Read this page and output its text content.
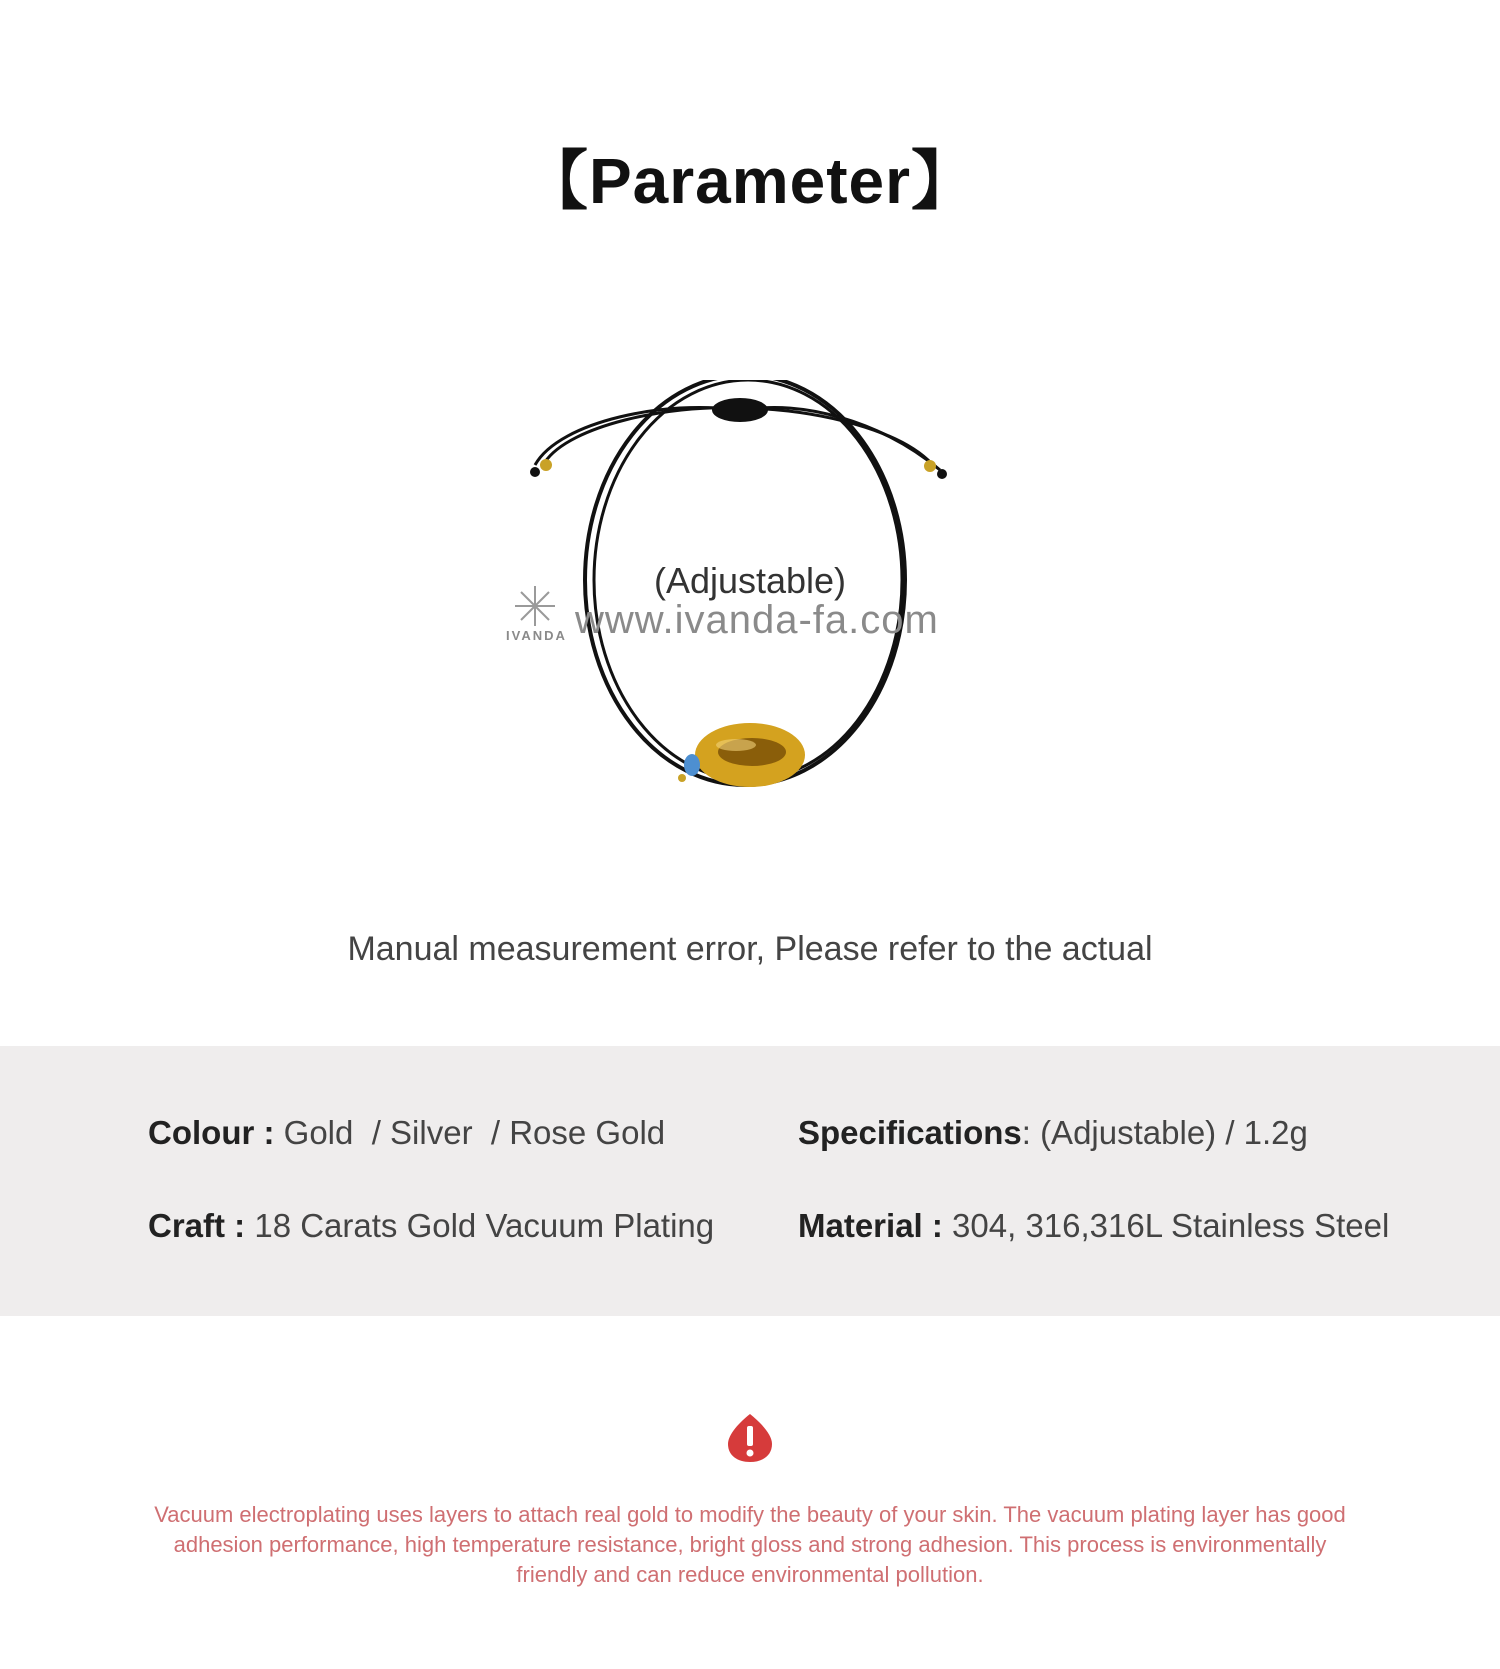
【Parameter】
(Adjustable)
IVANDA www.ivanda-fa.com
Manual measurement error, Please refer to the actual
Colour : Gold  / Silver  / Rose Gold	Specifications: (Adjustable) / 1.2g
Craft : 18 Carats Gold Vacuum Plating	Material : 304, 316,316L Stainless Steel
Vacuum electroplating uses layers to attach real gold to modify the beauty of your skin. The vacuum plating layer has good adhesion performance, high temperature resistance, bright gloss and strong adhesion. This process is environmentally friendly and can reduce environmental pollution.
